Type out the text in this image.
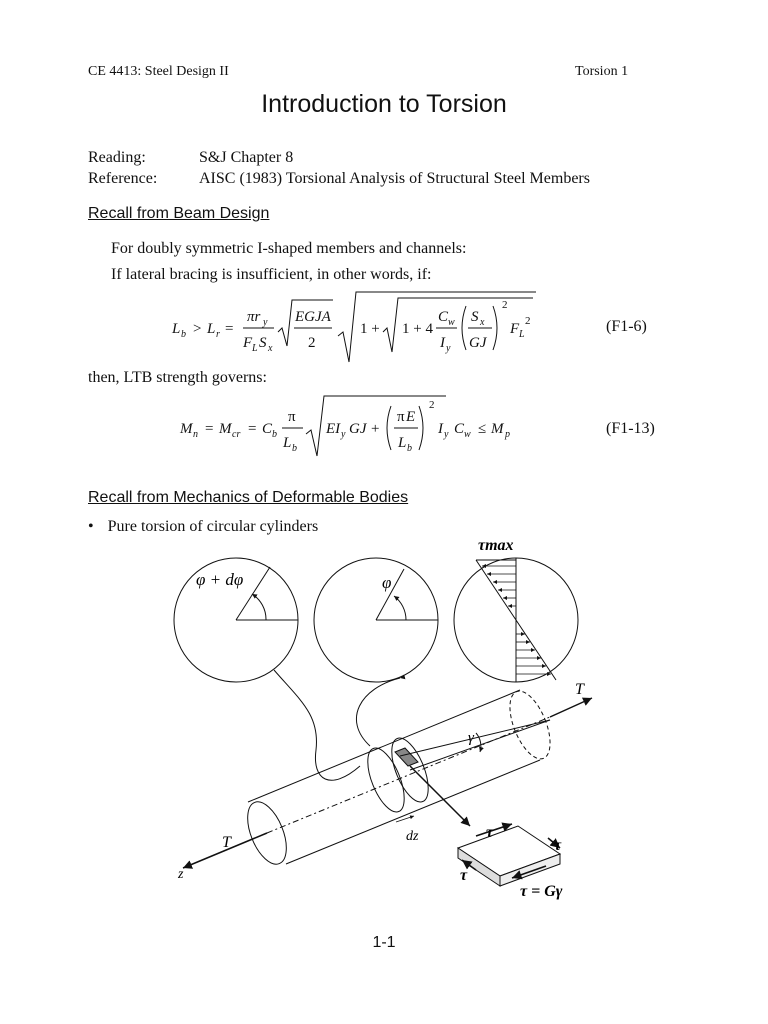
CE 4413: Steel Design II	Torsion 1
Introduction to Torsion
Reading:	S&J Chapter 8
Reference:	AISC (1983) Torsional Analysis of Structural Steel Members
Recall from Beam Design
For doubly symmetric I-shaped members and channels:
If lateral bracing is insufficient, in other words, if:
L b > L r =
πr y
F L S x
EGJA
2
1 + 1 + 4
C w
I y
S x
GJ
2
F L
2	(F1-6)
then, LTB strength governs:
M n = M cr = C b
π
L b
EI y GJ +
π E
L b
2
I y C w ≤ M p	(F1-13)
Recall from Mechanics of Deformable Bodies
• Pure torsion of circular cylinders
φ + dφ	φ
τmax
γ
T
T
z
dz	τ
τ
τ
τ = Gγ
1-1
